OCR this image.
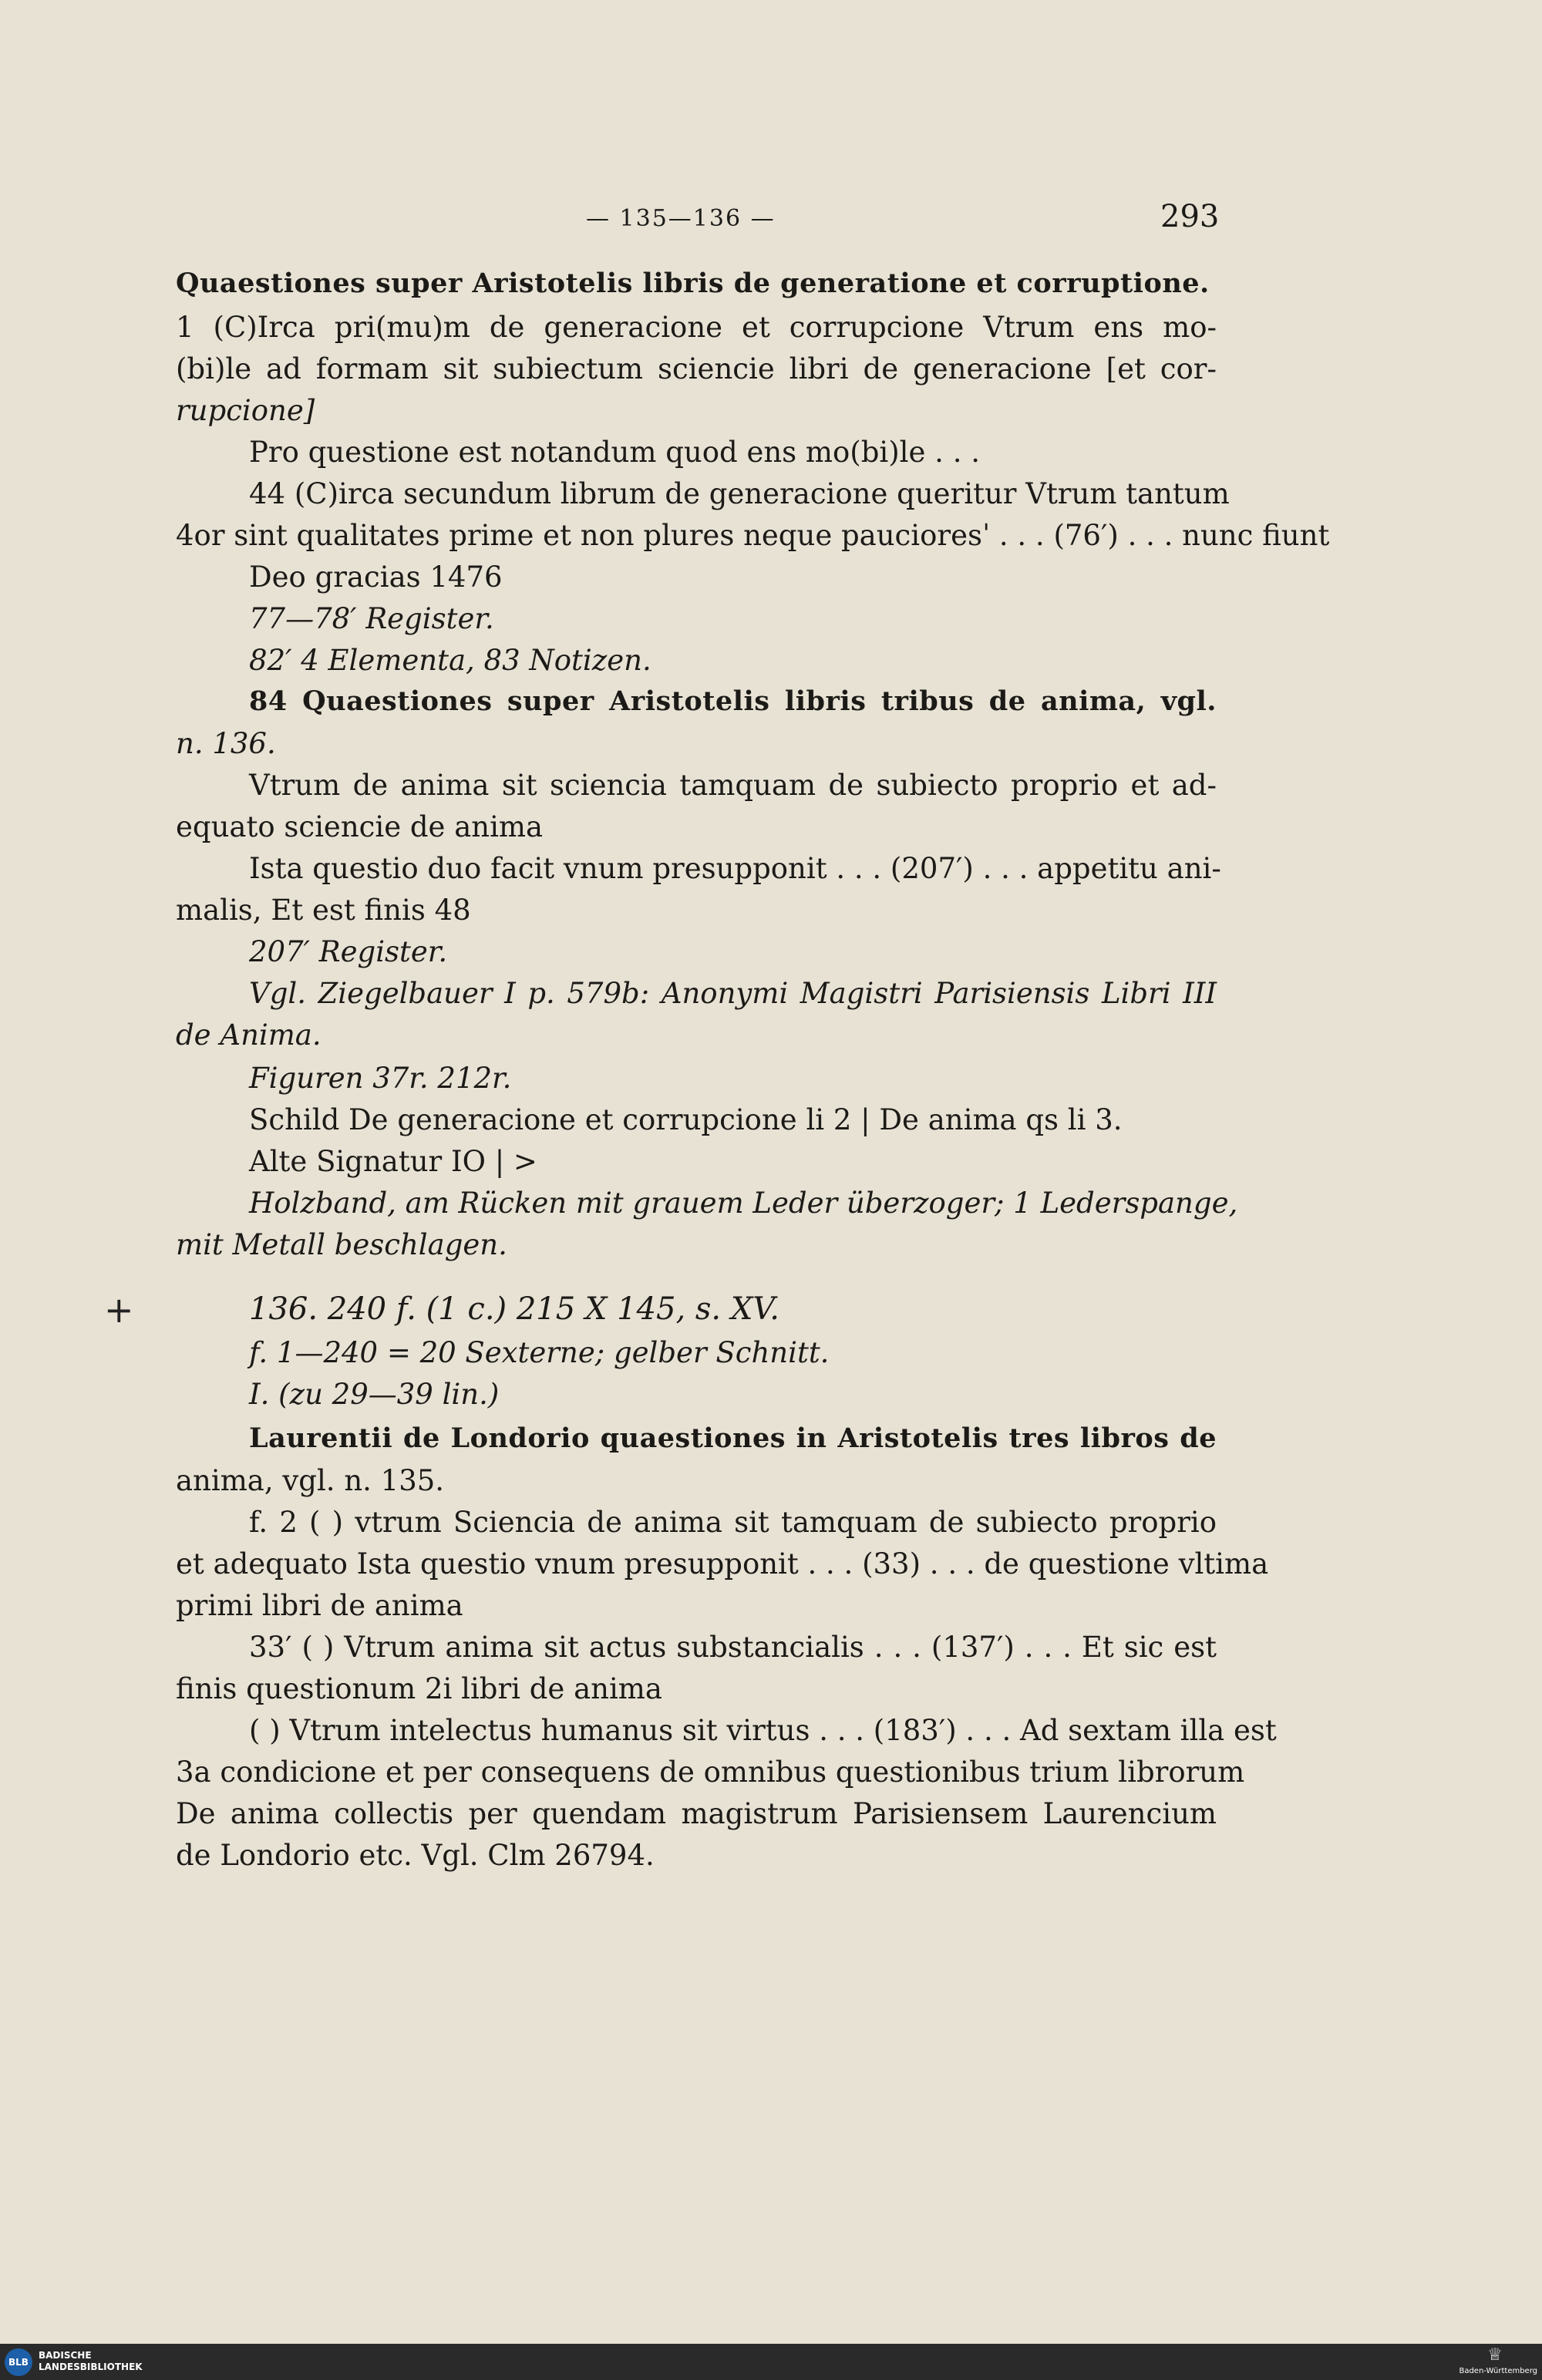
— 135—136 —	293
Quaestiones super Aristotelis libris de generatione et corruptione.
1 (C)Irca pri(mu)m de generacione et corrupcione Vtrum ens mo-
(bi)le ad formam sit subiectum sciencie libri de generacione [et cor-
rupcione]
Pro questione est notandum quod ens mo(bi)le . . .
44 (C)irca secundum librum de generacione queritur Vtrum tantum
4or sint qualitates prime et non plures neque paucioresˈ . . . (76′) . . . nunc fiunt
Deo gracias 1476
77—78′ Register.
82′ 4 Elementa, 83 Notizen.
84 Quaestiones super Aristotelis libris tribus de anima, vgl.
n. 136.
Vtrum de anima sit sciencia tamquam de subiecto proprio et ad-
equato sciencie de anima
Ista questio duo facit vnum presupponit . . . (207′) . . . appetitu ani-
malis, Et est finis 48
207′ Register.
Vgl. Ziegelbauer I p. 579b: Anonymi Magistri Parisiensis Libri III
de Anima.
Figuren 37r. 212r.
Schild De generacione et corrupcione li 2 | De anima qs li 3.
Alte Signatur IO | >
Holzband, am Rücken mit grauem Leder überzoger; 1 Lederspange,
mit Metall beschlagen.
136. 240 f. (1 c.) 215 X 145, s. XV.
f. 1—240 = 20 Sexterne; gelber Schnitt.
I. (zu 29—39 lin.)
Laurentii de Londorio quaestiones in Aristotelis tres libros de
anima, vgl. n. 135.
f. 2 ( ) vtrum Sciencia de anima sit tamquam de subiecto proprio
et adequato Ista questio vnum presupponit . . . (33) . . . de questione vltima
primi libri de anima
33′ ( ) Vtrum anima sit actus substancialis . . . (137′) . . . Et sic est
finis questionum 2i libri de anima
( ) Vtrum intelectus humanus sit virtus . . . (183′) . . . Ad sextam illa est
3a condicione et per consequens de omnibus questionibus trium librorum
De anima collectis per quendam magistrum Parisiensem Laurencium
de Londorio etc. Vgl. Clm 26794.
+
BLB
BADISCHE
LANDESBIBLIOTHEK
♕
Baden-Württemberg
